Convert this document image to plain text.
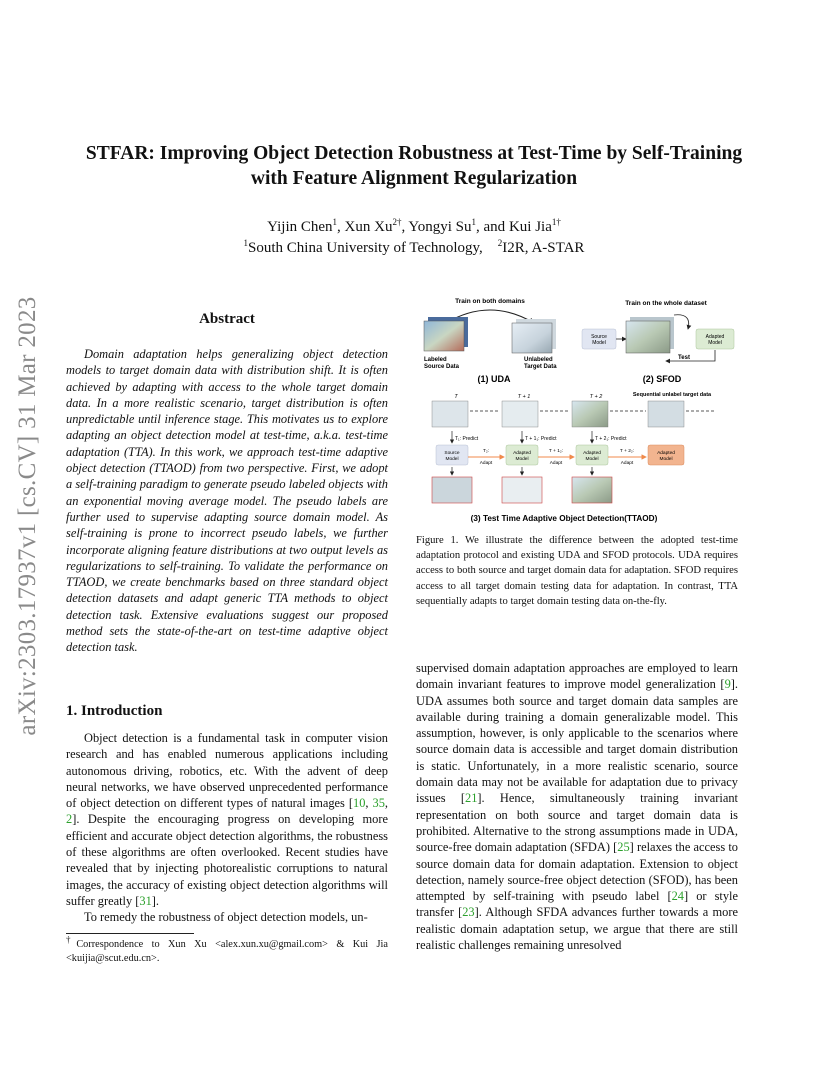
arXiv:2303.17937v1 [cs.CV] 31 Mar 2023
STFAR: Improving Object Detection Robustness at Test-Time by Self-Training
with Feature Alignment Regularization
Yijin Chen$^1$, Xun $Xu^{2\dagger}$, Yongyi Su$^1$, and Kui Jia$^{1\dagger}$
$^1$South China University of Technology, $^2$I2R, A-STAR
Abstract
Domain adaptation helps generalizing object detection models to target domain data with distribution shift. It is often achieved by adapting with access to the whole target domain data. In a more realistic scenario, target distribution is often unpredictable until inference stage. This motivates us to explore adapting an object detection model at test-time, a.k.a. test-time adaptation (TTA). In this work, we approach test-time adaptive object detection (TTAOD) from two perspective. First, we adopt a self-training paradigm to generate pseudo labeled objects with an exponential moving average model. The pseudo labels are further used to supervise adapting source domain model. As self-training is prone to incorrect pseudo labels, we further incorporate aligning feature distributions at two output levels as regularizations to self-training. To validate the performance on TTAOD, we create benchmarks based on three standard object detection datasets and adapt generic TTA methods to object detection task. Extensive evaluations suggest our proposed method sets the state-of-the-art on test-time adaptive object detection task.
1. Introduction

Object detection is a fundamental task in computer vision research and has enabled numerous applications including autonomous driving, robotics, etc. With the advent of deep neural networks, we have observed unprecedented performance of object detection on different types of natural images [10, 35, 2]. Despite the encouraging progress on developing more efficient and accurate object detection algorithms, the robustness of these algorithms are often overlooked. Recent studies have revealed that by injecting photorealistic corruptions to natural images, the accuracy of existing object detection algorithms will suffer greatly [31].

To remedy the robustness of object detection models, un-

†Correspondence to Xun Xu <alex.xun.xu@gmail.com> & Kui Jia <kuijia@scut.edu.cn>.
Train on both domains
Labeled
Source Data
Unlabeled
Target Data
(1) UDA
Train on the whole dataset
Source
Model
Adapted
Model
Test
(2) SFOD
Sequential unlabel target data
T	T + 1	T + 2
T₁: Predict	T + 1₁: Predict	T + 2₁: Predict
Source
Model
Adapted
Model
Adapted
Model
Adapted
Model
T₂:
Adapt
T + 1₂:
Adapt
T + 2₂:
Adapt
(3) Test Time Adaptive Object Detection(TTAOD)
Figure 1. We illustrate the difference between the adopted test-time adaptation protocol and existing UDA and SFOD protocols. UDA requires access to both source and target domain data for adaptation. SFOD requires access to all target domain testing data for adaptation. In contrast, TTA sequentially adapts to target domain testing data on-the-fly.
supervised domain adaptation approaches are employed to learn domain invariant features to improve model generalization [9]. UDA assumes both source and target domain data samples are available during training a domain generalizable model. This assumption, however, is only applicable to the scenarios where source domain data is accessible and target domain distribution is static. Unfortunately, in a more realistic scenario, source domain data may not be available for adaptation due to privacy issues [21]. Hence, simultaneously training invariant representation on both source and target domain data is prohibited. Alternative to the strong assumptions made in UDA, source-free domain adaptation (SFDA) [25] relaxes the access to source domain data for domain adaptation. Extension to object detection, namely source-free object detection (SFOD), has been attempted by self-training with pseudo label [24] or style transfer [23]. Although SFDA advances further towards a more realistic domain adaptation setup, we argue that there are still realistic challenges remaining unresolved
